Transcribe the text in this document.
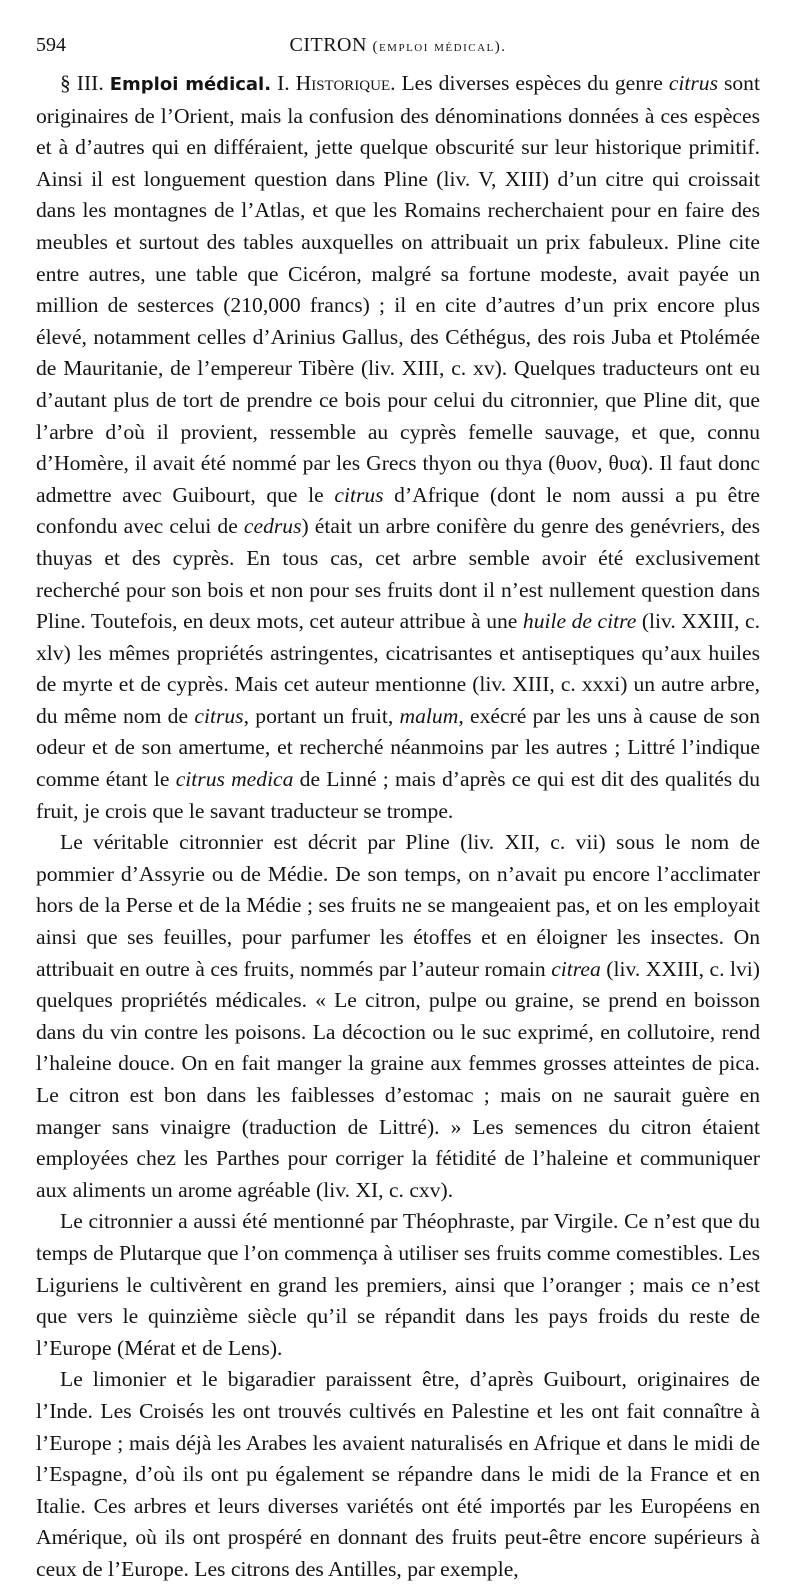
594	CITRON (emploi médical).

§ III. Emploi médical. I. Historique. Les diverses espèces du genre citrus sont originaires de l’Orient, mais la confusion des dénominations données à ces espèces et à d’autres qui en différaient, jette quelque obscurité sur leur historique primitif. Ainsi il est longuement question dans Pline (liv. V, XIII) d’un citre qui croissait dans les montagnes de l’Atlas, et que les Romains recherchaient pour en faire des meubles et surtout des tables auxquelles on attribuait un prix fabuleux. Pline cite entre autres, une table que Cicéron, malgré sa fortune modeste, avait payée un million de sesterces (210,000 francs) ; il en cite d’autres d’un prix encore plus élevé, notamment celles d’Arinius Gallus, des Céthégus, des rois Juba et Ptolémée de Mauritanie, de l’empereur Tibère (liv. XIII, c. xv). Quelques traducteurs ont eu d’autant plus de tort de prendre ce bois pour celui du citronnier, que Pline dit, que l’arbre d’où il provient, ressemble au cyprès femelle sauvage, et que, connu d’Homère, il avait été nommé par les Grecs thyon ou thya (θυον, θυα). Il faut donc admettre avec Guibourt, que le citrus d’Afrique (dont le nom aussi a pu être confondu avec celui de cedrus) était un arbre conifère du genre des genévriers, des thuyas et des cyprès. En tous cas, cet arbre semble avoir été exclusivement recherché pour son bois et non pour ses fruits dont il n’est nullement question dans Pline. Toutefois, en deux mots, cet auteur attribue à une huile de citre (liv. XXIII, c. xlv) les mêmes propriétés astringentes, cicatrisantes et antiseptiques qu’aux huiles de myrte et de cyprès. Mais cet auteur mentionne (liv. XIII, c. xxxi) un autre arbre, du même nom de citrus, portant un fruit, malum, exécré par les uns à cause de son odeur et de son amertume, et recherché néanmoins par les autres ; Littré l’indique comme étant le citrus medica de Linné ; mais d’après ce qui est dit des qualités du fruit, je crois que le savant traducteur se trompe.

Le véritable citronnier est décrit par Pline (liv. XII, c. vii) sous le nom de pommier d’Assyrie ou de Médie. De son temps, on n’avait pu encore l’acclimater hors de la Perse et de la Médie ; ses fruits ne se mangeaient pas, et on les employait ainsi que ses feuilles, pour parfumer les étoffes et en éloigner les insectes. On attribuait en outre à ces fruits, nommés par l’auteur romain citrea (liv. XXIII, c. lvi) quelques propriétés médicales. « Le citron, pulpe ou graine, se prend en boisson dans du vin contre les poisons. La décoction ou le suc exprimé, en collutoire, rend l’haleine douce. On en fait manger la graine aux femmes grosses atteintes de pica. Le citron est bon dans les faiblesses d’estomac ; mais on ne saurait guère en manger sans vinaigre (traduction de Littré). » Les semences du citron étaient employées chez les Parthes pour corriger la fétidité de l’haleine et communiquer aux aliments un arome agréable (liv. XI, c. cxv).

Le citronnier a aussi été mentionné par Théophraste, par Virgile. Ce n’est que du temps de Plutarque que l’on commença à utiliser ses fruits comme comestibles. Les Liguriens le cultivèrent en grand les premiers, ainsi que l’oranger ; mais ce n’est que vers le quinzième siècle qu’il se répandit dans les pays froids du reste de l’Europe (Mérat et de Lens).

Le limonier et le bigaradier paraissent être, d’après Guibourt, originaires de l’Inde. Les Croisés les ont trouvés cultivés en Palestine et les ont fait connaître à l’Europe ; mais déjà les Arabes les avaient naturalisés en Afrique et dans le midi de l’Espagne, d’où ils ont pu également se répandre dans le midi de la France et en Italie. Ces arbres et leurs diverses variétés ont été importés par les Européens en Amérique, où ils ont prospéré en donnant des fruits peut-être encore supérieurs à ceux de l’Europe. Les citrons des Antilles, par exemple,
